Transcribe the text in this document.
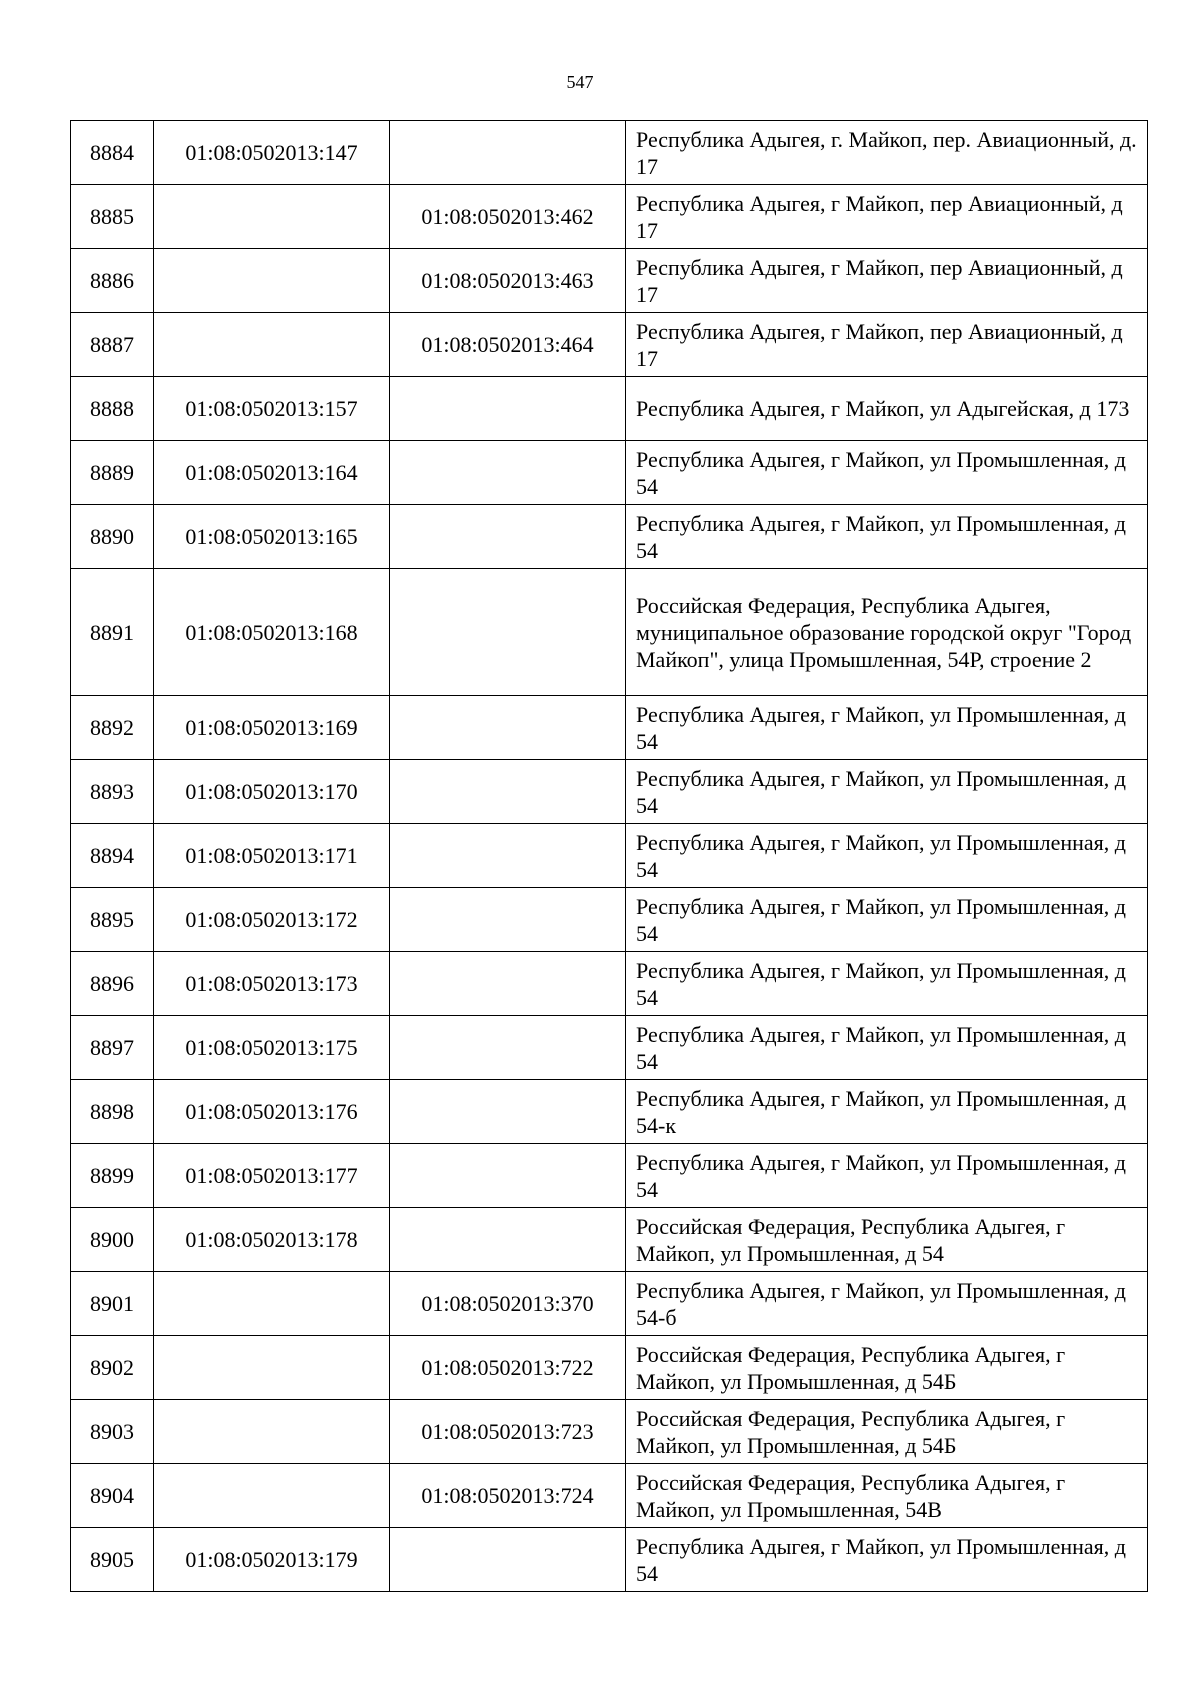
547
8884	01:08:0502013:147		Республика Адыгея, г. Майкоп, пер. Авиационный, д. 17
8885		01:08:0502013:462	Республика Адыгея, г Майкоп, пер Авиационный, д 17
8886		01:08:0502013:463	Республика Адыгея, г Майкоп, пер Авиационный, д 17
8887		01:08:0502013:464	Республика Адыгея, г Майкоп, пер Авиационный, д 17
8888	01:08:0502013:157		Республика Адыгея, г Майкоп, ул Адыгейская, д 173
8889	01:08:0502013:164		Республика Адыгея, г Майкоп, ул Промышленная, д 54
8890	01:08:0502013:165		Республика Адыгея, г Майкоп, ул Промышленная, д 54
8891	01:08:0502013:168		Российская Федерация, Республика Адыгея, муниципальное образование городской округ "Город Майкоп", улица Промышленная, 54Р, строение 2
8892	01:08:0502013:169		Республика Адыгея, г Майкоп, ул Промышленная, д 54
8893	01:08:0502013:170		Республика Адыгея, г Майкоп, ул Промышленная, д 54
8894	01:08:0502013:171		Республика Адыгея, г Майкоп, ул Промышленная, д 54
8895	01:08:0502013:172		Республика Адыгея, г Майкоп, ул Промышленная, д 54
8896	01:08:0502013:173		Республика Адыгея, г Майкоп, ул Промышленная, д 54
8897	01:08:0502013:175		Республика Адыгея, г Майкоп, ул Промышленная, д 54
8898	01:08:0502013:176		Республика Адыгея, г Майкоп, ул Промышленная, д 54-к
8899	01:08:0502013:177		Республика Адыгея, г Майкоп, ул Промышленная, д 54
8900	01:08:0502013:178		Российская Федерация, Республика Адыгея, г Майкоп, ул Промышленная, д 54
8901		01:08:0502013:370	Республика Адыгея, г Майкоп, ул Промышленная, д 54-б
8902		01:08:0502013:722	Российская Федерация, Республика Адыгея, г Майкоп, ул Промышленная, д 54Б
8903		01:08:0502013:723	Российская Федерация, Республика Адыгея, г Майкоп, ул Промышленная, д 54Б
8904		01:08:0502013:724	Российская Федерация, Республика Адыгея, г Майкоп, ул Промышленная, 54В
8905	01:08:0502013:179		Республика Адыгея, г Майкоп, ул Промышленная, д 54
